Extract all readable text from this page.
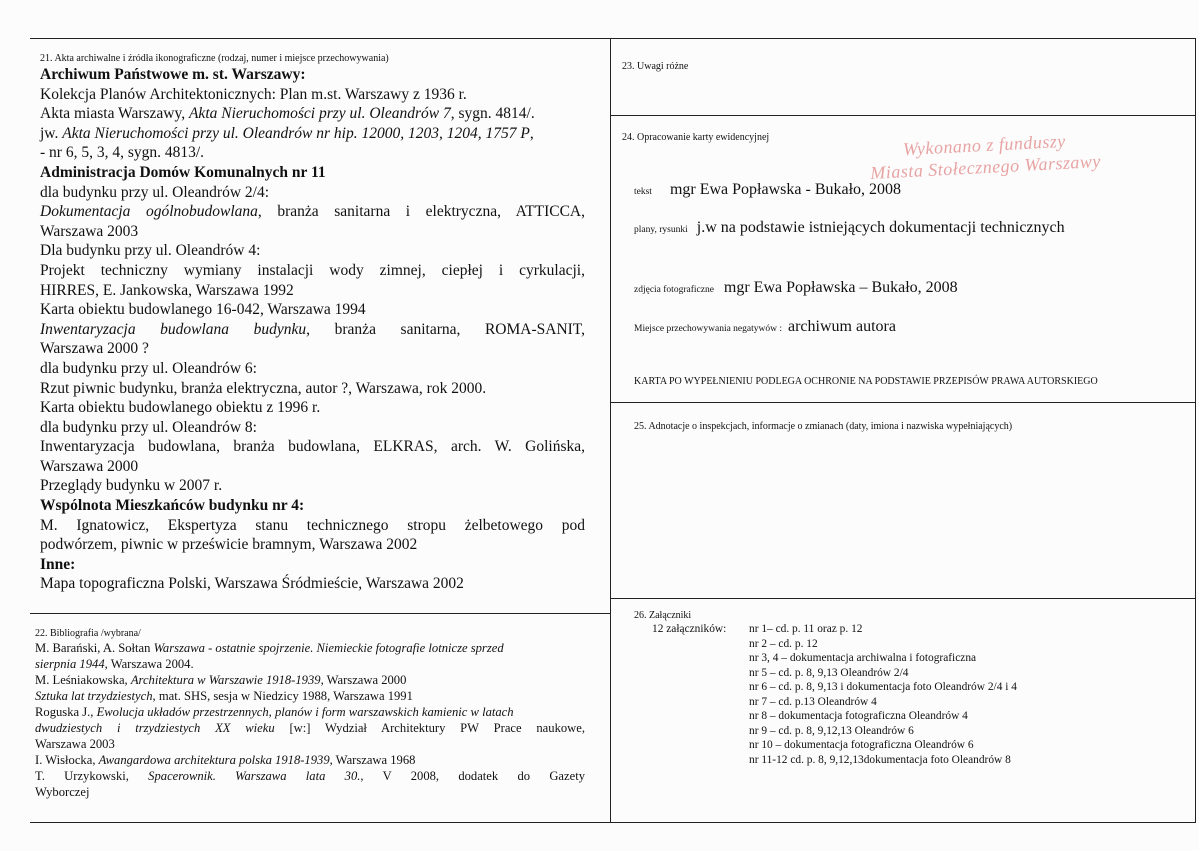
21. Akta archiwalne i źródła ikonograficzne (rodzaj, numer i miejsce przechowywania)
Archiwum Państwowe m. st. Warszawy:
Kolekcja Planów Architektonicznych: Plan m.st. Warszawy z 1936 r.
Akta miasta Warszawy, Akta Nieruchomości przy ul. Oleandrów 7, sygn. 4814/.
jw. Akta Nieruchomości przy ul. Oleandrów nr hip. 12000, 1203, 1204, 1757 P,
- nr 6, 5, 3, 4, sygn. 4813/.
Administracja Domów Komunalnych nr 11
dla budynku przy ul. Oleandrów 2/4:
Dokumentacja ogólnobudowlana, branża sanitarna i elektryczna, ATTICCA,
Warszawa 2003
Dla budynku przy ul. Oleandrów 4:
Projekt techniczny wymiany instalacji wody zimnej, ciepłej i cyrkulacji,
HIRRES, E. Jankowska, Warszawa 1992
Karta obiektu budowlanego 16-042, Warszawa 1994
Inwentaryzacja budowlana budynku, branża sanitarna, ROMA-SANIT,
Warszawa 2000 ?
dla budynku przy ul. Oleandrów 6:
Rzut piwnic budynku, branża elektryczna, autor ?, Warszawa, rok 2000.
Karta obiektu budowlanego obiektu z 1996 r.
dla budynku przy ul. Oleandrów 8:
Inwentaryzacja budowlana, branża budowlana, ELKRAS, arch. W. Golińska,
Warszawa 2000
Przeglądy budynku w 2007 r.
Wspólnota Mieszkańców budynku nr 4:
M. Ignatowicz, Ekspertyza stanu technicznego stropu żelbetowego pod
podwórzem, piwnic w prześwicie bramnym, Warszawa 2002
Inne:
Mapa topograficzna Polski, Warszawa Śródmieście, Warszawa 2002
22. Bibliografia /wybrana/
M. Barański, A. Sołtan Warszawa - ostatnie spojrzenie. Niemieckie fotografie lotnicze sprzed
sierpnia 1944, Warszawa 2004.
M. Leśniakowska, Architektura w Warszawie 1918-1939, Warszawa 2000
Sztuka lat trzydziestych, mat. SHS, sesja w Niedzicy 1988, Warszawa 1991
Roguska J., Ewolucja układów przestrzennych, planów i form warszawskich kamienic w latach
dwudziestych i trzydziestych XX wieku [w:] Wydział Architektury PW Prace naukowe,
Warszawa 2003
I. Wisłocka, Awangardowa architektura polska 1918-1939, Warszawa 1968
T. Urzykowski, Spacerownik. Warszawa lata 30., V 2008, dodatek do Gazety
Wyborczej
23. Uwagi różne
24. Opracowanie karty ewidencyjnej	Wykonano z funduszy
Miasta Stołecznego Warszawy
tekst mgr Ewa Popławska - Bukało, 2008
plany, rysunki j.w na podstawie istniejących dokumentacji technicznych
zdjęcia fotograficzne mgr Ewa Popławska – Bukało, 2008
Miejsce przechowywania negatywów : archiwum autora
KARTA PO WYPEŁNIENIU PODLEGA OCHRONIE NA PODSTAWIE PRZEPISÓW PRAWA AUTORSKIEGO
25. Adnotacje o inspekcjach, informacje o zmianach (daty, imiona i nazwiska wypełniających)
26. Załączniki
12 załączników:	nr 1– cd. p. 11 oraz p. 12
nr 2 – cd. p. 12
nr 3, 4 – dokumentacja archiwalna i fotograficzna
nr 5 – cd. p. 8, 9,13 Oleandrów 2/4
nr 6 – cd. p. 8, 9,13 i dokumentacja foto Oleandrów 2/4 i 4
nr 7 – cd. p.13 Oleandrów 4
nr 8 – dokumentacja fotograficzna Oleandrów 4
nr 9 – cd. p. 8, 9,12,13 Oleandrów 6
nr 10 – dokumentacja fotograficzna Oleandrów 6
nr 11-12 cd. p. 8, 9,12,13dokumentacja foto Oleandrów 8
